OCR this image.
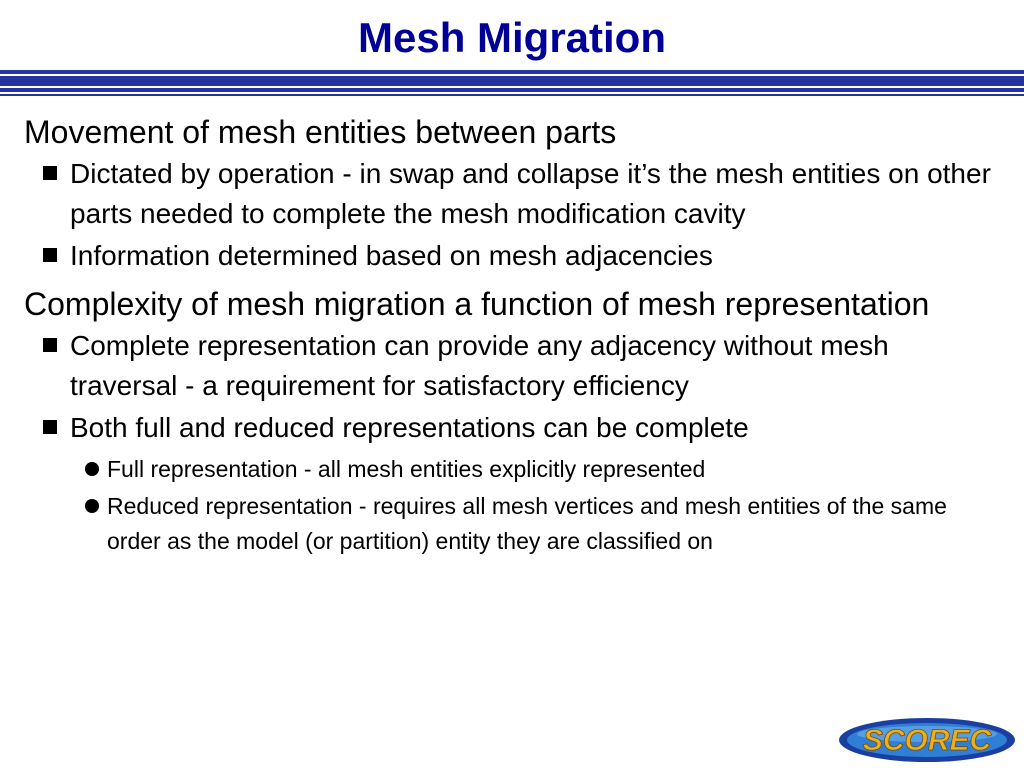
Mesh Migration
Movement of mesh entities between parts
Dictated by operation - in swap and collapse it’s the mesh entities on other parts needed to complete the mesh modification cavity
Information determined based on mesh adjacencies
Complexity of mesh migration a function of mesh representation
Complete representation can provide any adjacency without mesh traversal - a requirement for satisfactory efficiency
Both full and reduced representations can be complete
Full representation - all mesh entities explicitly represented
Reduced representation - requires all mesh vertices and mesh entities of the same order as the model (or partition) entity they are classified on
SCOREC
